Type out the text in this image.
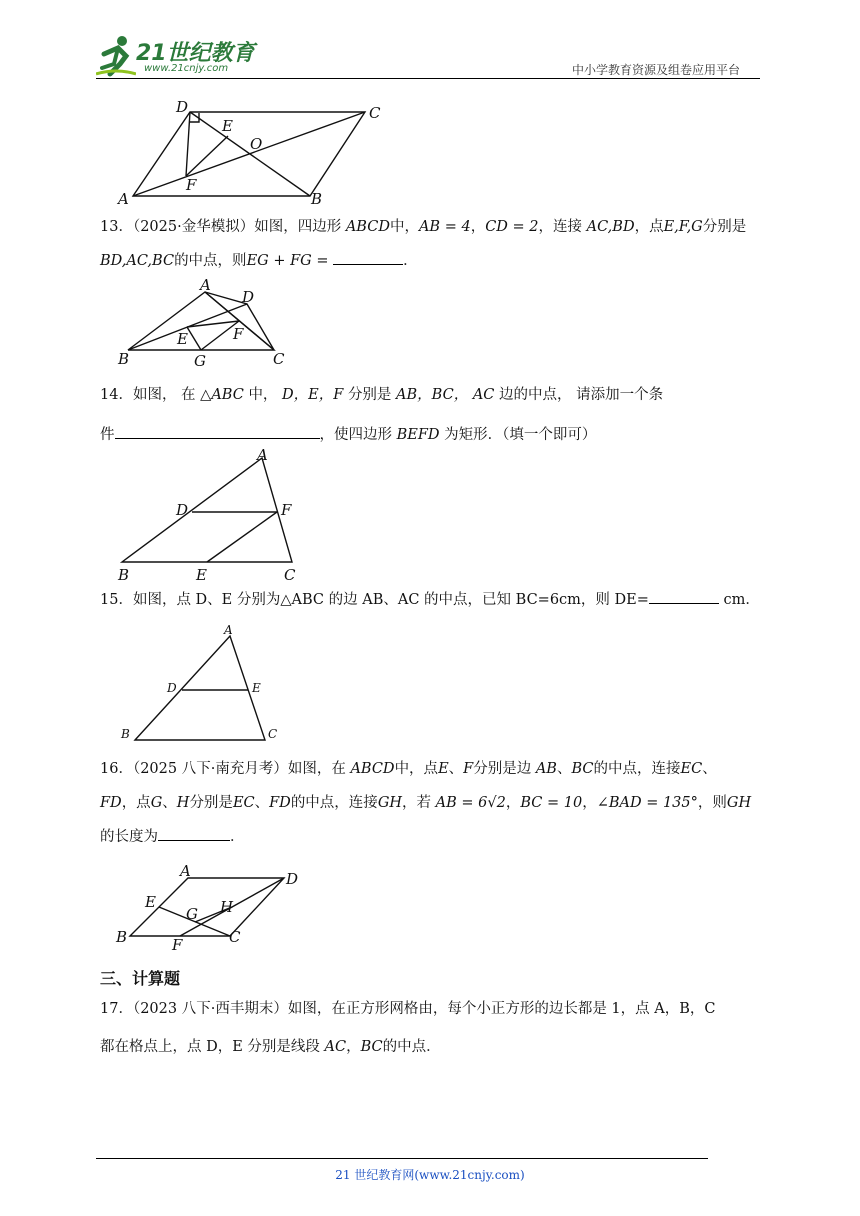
21世纪教育
www.21cnjy.com	中小学教育资源及组卷应用平台
D	C
E
O
F
A	B
13．（2025·金华模拟）如图，四边形 ABCD中，AB = 4，CD = 2，连接 AC,BD，点E,F,G分别是
BD,AC,BC的中点，则EG + FG =	．
A
D
E	F
B	G	C
14．如图， 在 △ABC 中， D，E，F 分别是 AB，BC， AC 边的中点， 请添加一个条
件	，使四边形 BEFD 为矩形．（填一个即可）
A
D	F
B	E	C
15．如图，点 D、E 分别为△ABC 的边 AB、AC 的中点，已知 BC=6cm，则 DE=	cm．
A
D	E
B	C
16．（2025 八下·南充月考）如图，在 ABCD中，点E、F分别是边 AB、BC的中点，连接EC、
FD，点G、H分别是EC、FD的中点，连接GH，若 AB = 6√2，BC = 10，∠BAD = 135°，则GH
的长度为	．
A	D
E	H
G
B	F	C
三、计算题
17．（2023 八下·西丰期末）如图，在正方形网格由，每个小正方形的边长都是 1，点 A，B，C
都在格点上，点 D，E 分别是线段 AC，BC的中点．
21 世纪教育网(www.21cnjy.com)
